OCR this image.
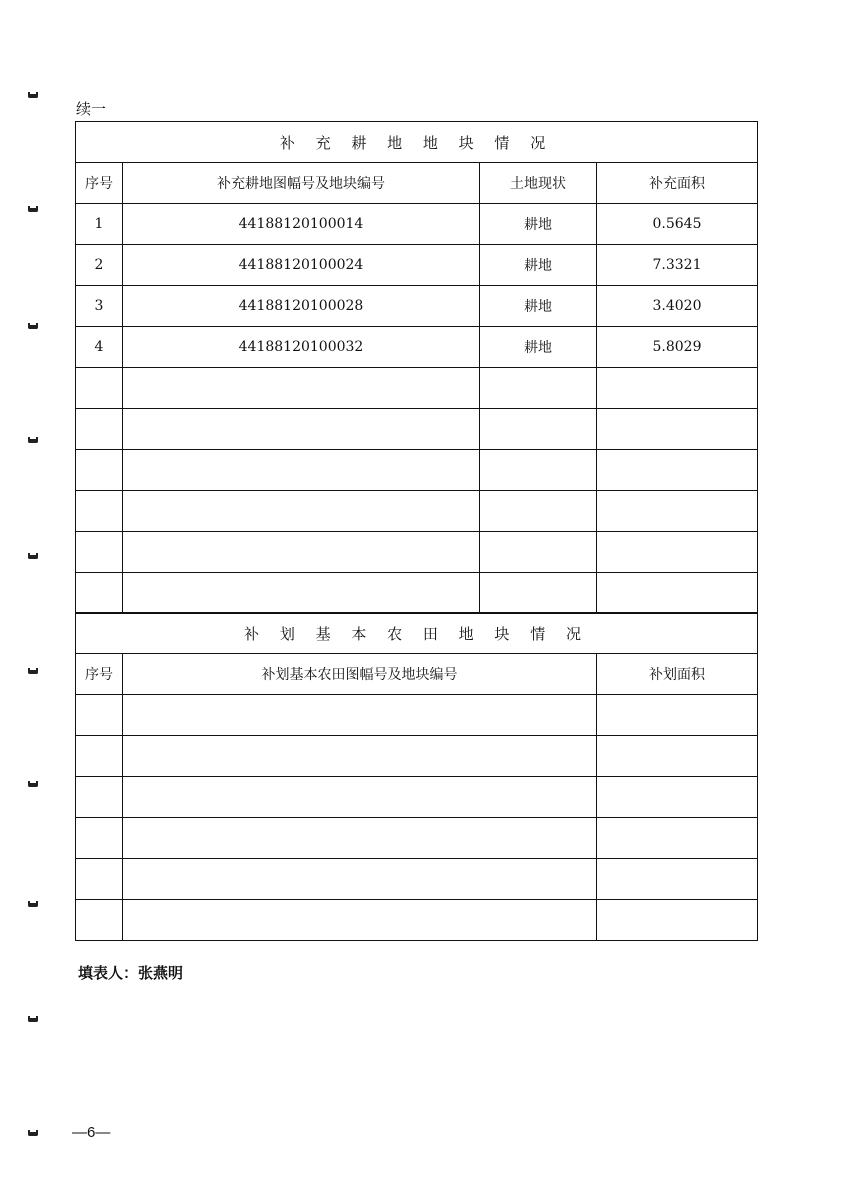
续一
补 充 耕 地 地 块 情 况			
序号	补充耕地图幅号及地块编号	土地现状	补充面积
1	44188120100014	耕地	0.5645
2	44188120100024	耕地	7.3321
3	44188120100028	耕地	3.4020
4	44188120100032	耕地	5.8029

补 划 基 本 农 田 地 块 情 况		
序号	补划基本农田图幅号及地块编号	补划面积

填表人：张燕明
—6—
